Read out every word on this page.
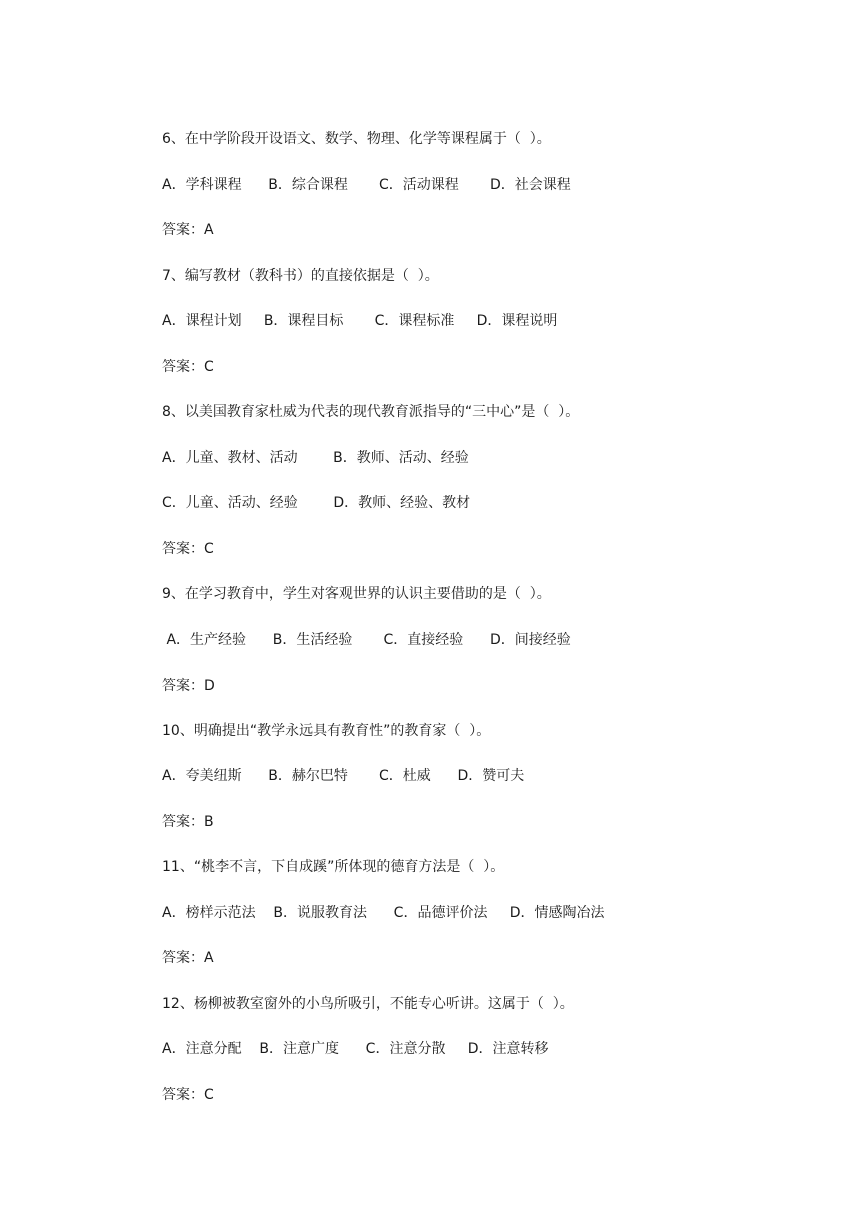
6、在中学阶段开设语文、数学、物理、化学等课程属于（  ）。
A．学科课程      B．综合课程       C．活动课程       D．社会课程
答案：A
7、编写教材（教科书）的直接依据是（  ）。
A．课程计划     B．课程目标       C．课程标准     D．课程说明
答案：C
8、以美国教育家杜威为代表的现代教育派指导的“三中心”是（  ）。
A．儿童、教材、活动        B．教师、活动、经验
C．儿童、活动、经验        D．教师、经验、教材
答案：C
9、在学习教育中，学生对客观世界的认识主要借助的是（  ）。
A．生产经验      B．生活经验       C．直接经验      D．间接经验
答案：D
10、明确提出“教学永远具有教育性”的教育家（  ）。
A．夸美纽斯      B．赫尔巴特       C．杜威      D．赞可夫
答案：B
11、“桃李不言，下自成蹊”所体现的德育方法是（  ）。
A．榜样示范法    B．说服教育法      C．品德评价法     D．情感陶冶法
答案：A
12、杨柳被教室窗外的小鸟所吸引，不能专心听讲。这属于（  ）。
A．注意分配    B．注意广度      C．注意分散     D．注意转移
答案：C
